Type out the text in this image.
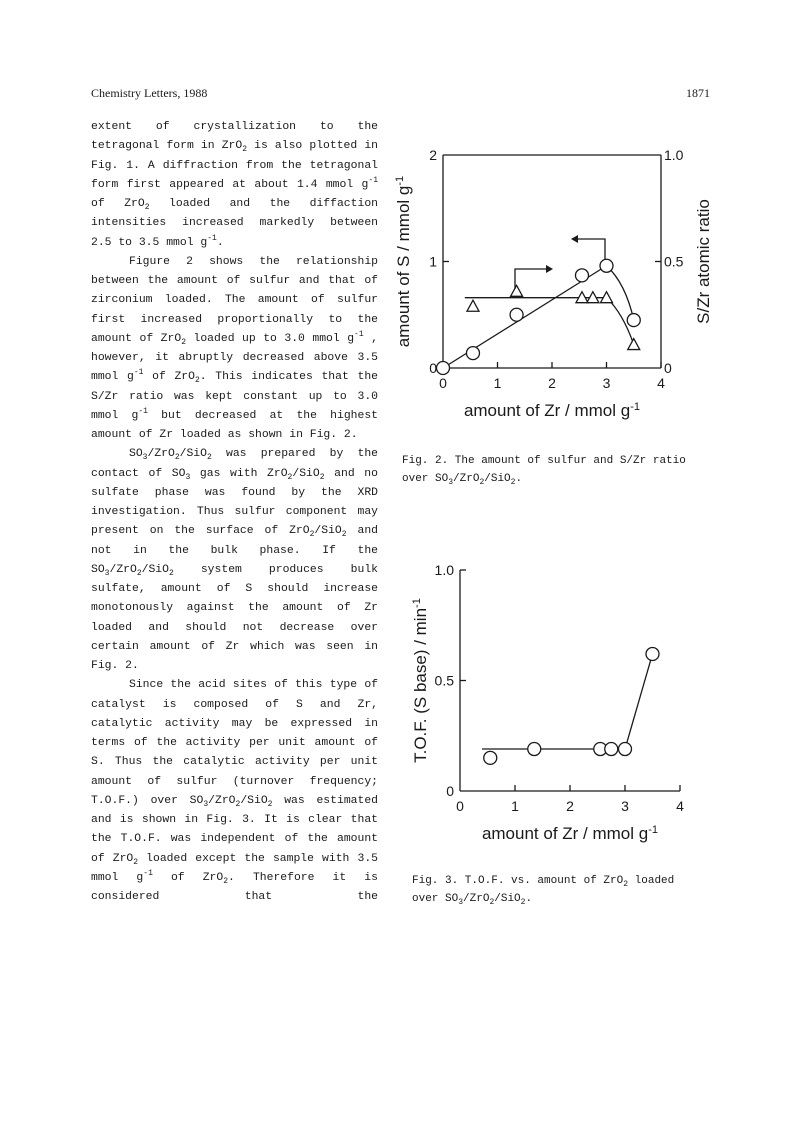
Chemistry Letters, 1988	1871

extent of crystallization to the tetragonal form in ZrO$_2$ is also plotted in Fig. 1. A diffraction from the tetragonal form first appeared at about 1.4 mmol $g^{-1}$ of ZrO$_2$ loaded and the diffaction intensities increased markedly between 2.5 to 3.5 mmol $g^{-1}$.

Figure 2 shows the relationship between the amount of sulfur and that of zirconium loaded. The amount of sulfur first increased proportionally to the amount of ZrO$_2$ loaded up to 3.0 mmol $g^{-1}$ , however, it abruptly decreased above 3.5 mmol $g^{-1}$ of ZrO$_2$. This indicates that the S/Zr ratio was kept constant up to 3.0 mmol $g^{-1}$ but decreased at the highest amount of Zr loaded as shown in Fig. 2.

$SO_3/ZrO_2/SiO_2$ was prepared by the contact of $SO_3$ gas with ZrO$_2$/SiO$_2$ and no sulfate phase was found by the XRD investigation. Thus sulfur component may present on the surface of ZrO$_2$/SiO$_2$ and not in the bulk phase. If the $SO_3/ZrO_2/SiO_2$ system produces bulk sulfate, amount of S should increase monotonously against the amount of Zr loaded and should not decrease over certain amount of Zr which was seen in Fig. 2.

Since the acid sites of this type of catalyst is composed of S and Zr, catalytic activity may be expressed in terms of the activity per unit amount of S. Thus the catalytic activity per unit amount of sulfur (turnover frequency; T.O.F.) over $SO_3/ZrO_2/SiO_2$ was estimated and is shown in Fig. 3. It is clear that the T.O.F. was independent of the amount of ZrO$_2$ loaded except the sample with 3.5 mmol $g^{-1}$ of ZrO$_2$. Therefore it is considered that the

Fig. 2. The amount of sulfur and S/Zr ratio over $SO_3/ZrO_2/SiO_2$.
Fig. 3. T.O.F. vs. amount of ZrO$_2$ loaded over $SO_3/ZrO_2/SiO_2$.
0	1	2	3	4
0
1
2
0
0.5
1.0
amount of Zr / mmol $g^{-1}$
amount of S / mmol $g^{-1}$
S/Zr atomic ratio
0	1	2	3	4
0
0.5
1.0
amount of Zr / mmol $g^{-1}$
T.O.F. (S base) / $\min^{-1}$
